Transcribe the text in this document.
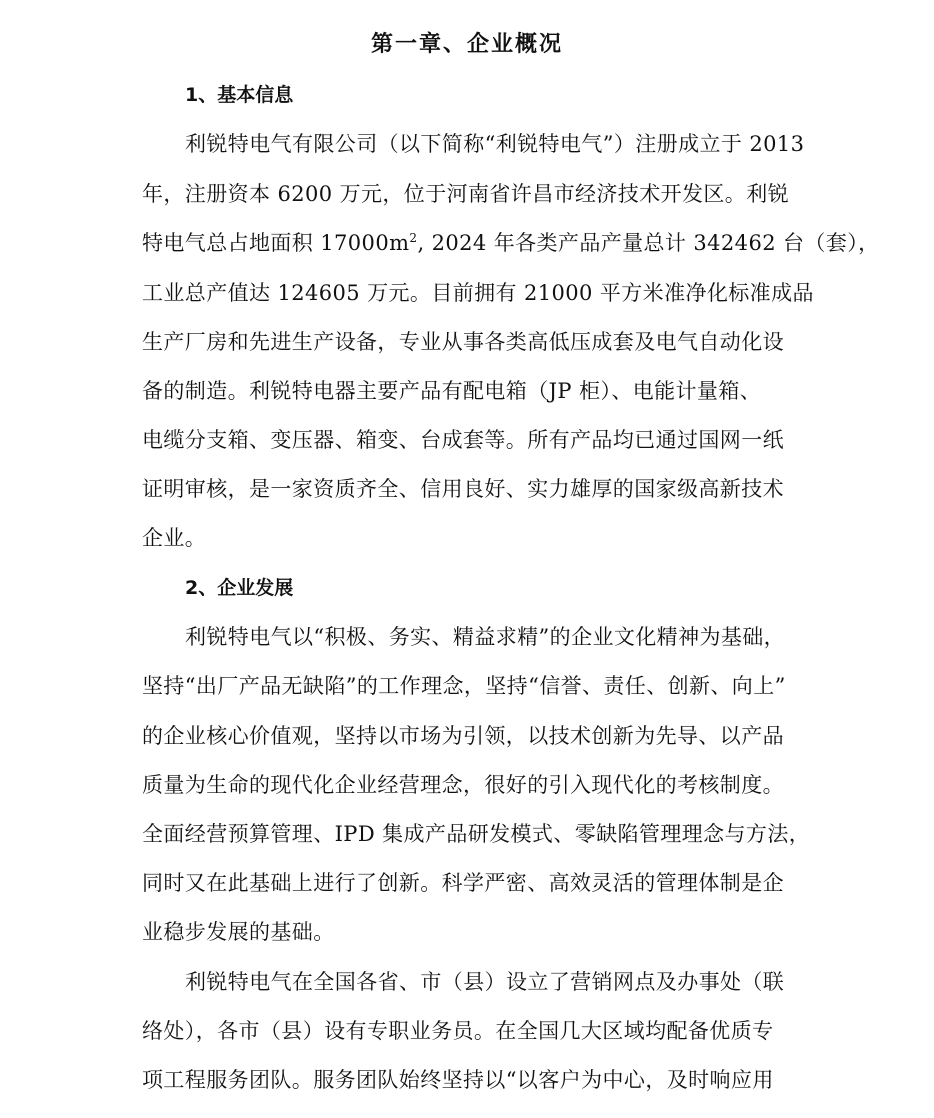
第一章、企业概况
1、基本信息

利锐特电气有限公司（以下简称“利锐特电气”）注册成立于 2013

年，注册资本 6200 万元，位于河南省许昌市经济技术开发区。利锐

特电气总占地面积 $17000m^2$, 2024 年各类产品产量总计 342462 台（套），

工业总产值达 124605 万元。目前拥有 21000 平方米准净化标准成品

生产厂房和先进生产设备，专业从事各类高低压成套及电气自动化设

备的制造。利锐特电器主要产品有配电箱（JP 柜）、电能计量箱、

电缆分支箱、变压器、箱变、台成套等。所有产品均已通过国网一纸

证明审核，是一家资质齐全、信用良好、实力雄厚的国家级高新技术

企业。

2、企业发展

利锐特电气以“积极、务实、精益求精”的企业文化精神为基础，

坚持“出厂产品无缺陷”的工作理念，坚持“信誉、责任、创新、向上”

的企业核心价值观，坚持以市场为引领，以技术创新为先导、以产品

质量为生命的现代化企业经营理念，很好的引入现代化的考核制度。

全面经营预算管理、IPD 集成产品研发模式、零缺陷管理理念与方法，

同时又在此基础上进行了创新。科学严密、高效灵活的管理体制是企

业稳步发展的基础。

利锐特电气在全国各省、市（县）设立了营销网点及办事处（联

络处），各市（县）设有专职业务员。在全国几大区域均配备优质专

项工程服务团队。服务团队始终坚持以“以客户为中心，及时响应用
